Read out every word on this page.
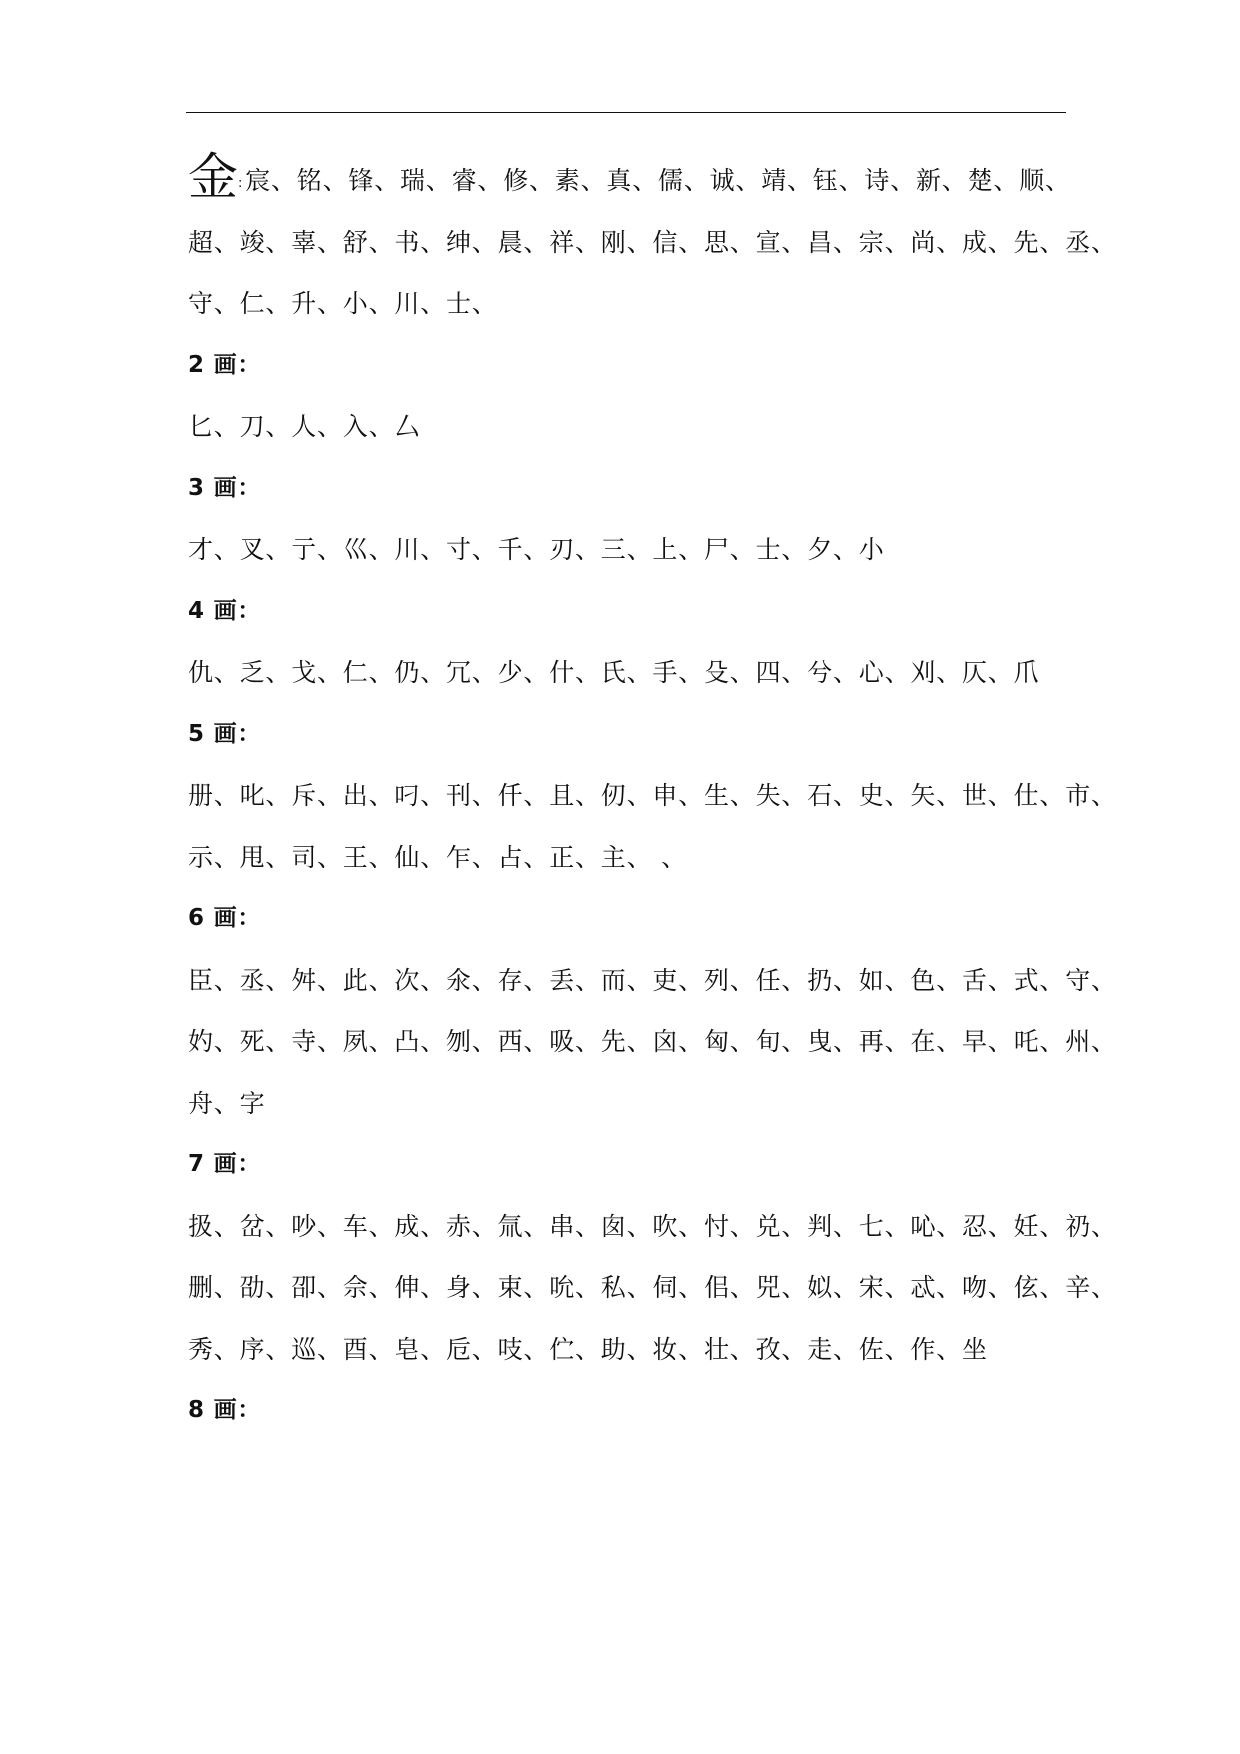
金:宸、铭、锋、瑞、睿、修、素、真、儒、诚、靖、钰、诗、新、楚、顺、
超、竣、辜、舒、书、绅、晨、祥、刚、信、思、宣、昌、宗、尚、成、先、丞、
守、仁、升、小、川、士、
2 画：
匕、刀、人、入、厶
3 画：
才、叉、亍、巛、川、寸、千、刃、三、上、尸、士、夕、小
4 画：
仇、乏、戈、仁、仍、冗、少、什、氏、手、殳、四、兮、心、刈、仄、爪
5 画：
册、叱、斥、出、叼、刊、仟、且、仞、申、生、失、石、史、矢、世、仕、市、
示、甩、司、王、仙、乍、占、正、主、 、
6 画：
臣、丞、舛、此、次、氽、存、丢、而、吏、列、任、扔、如、色、舌、式、守、
妁、死、寺、夙、凸、刎、西、吸、先、囟、匈、旬、曳、再、在、早、吒、州、
舟、字
7 画：
扱、岔、吵、车、成、赤、氚、串、囱、吹、忖、兑、判、七、吣、忍、妊、礽、
删、劭、卲、佘、伸、身、束、吮、私、伺、佀、兕、姒、宋、忒、吻、伭、辛、
秀、序、巡、酉、皂、卮、吱、伫、助、妆、壮、孜、走、佐、作、坐
8 画：
